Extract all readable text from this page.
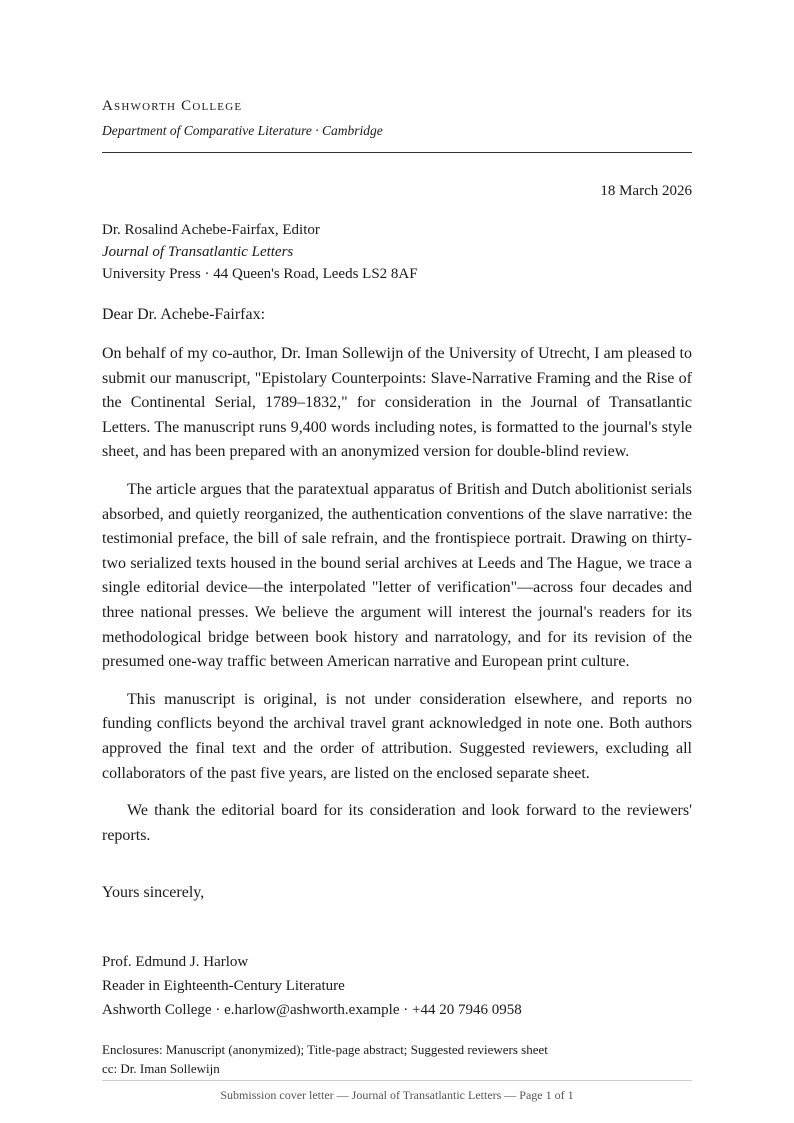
Ashworth College
Department of Comparative Literature · Cambridge
18 March 2026
Dr. Rosalind Achebe-Fairfax, Editor
Journal of Transatlantic Letters
University Press · 44 Queen's Road, Leeds LS2 8AF
Dear Dr. Achebe-Fairfax:

On behalf of my co-author, Dr. Iman Sollewijn of the University of Utrecht, I am pleased to submit our manuscript, "Epistolary Counterpoints: Slave-Narrative Framing and the Rise of the Continental Serial, 1789–1832," for consideration in the Journal of Transatlantic Letters. The manuscript runs 9,400 words including notes, is formatted to the journal's style sheet, and has been prepared with an anonymized version for double-blind review.

The article argues that the paratextual apparatus of British and Dutch abolitionist serials absorbed, and quietly reorganized, the authentication conventions of the slave narrative: the testimonial preface, the bill of sale refrain, and the frontispiece portrait. Drawing on thirty-two serialized texts housed in the bound serial archives at Leeds and The Hague, we trace a single editorial device—the interpolated "letter of verification"—across four decades and three national presses. We believe the argument will interest the journal's readers for its methodological bridge between book history and narratology, and for its revision of the presumed one-way traffic between American narrative and European print culture.

This manuscript is original, is not under consideration elsewhere, and reports no funding conflicts beyond the archival travel grant acknowledged in note one. Both authors approved the final text and the order of attribution. Suggested reviewers, excluding all collaborators of the past five years, are listed on the enclosed separate sheet.

We thank the editorial board for its consideration and look forward to the reviewers' reports.

Yours sincerely,
Prof. Edmund J. Harlow
Reader in Eighteenth-Century Literature
Ashworth College · e.harlow@ashworth.example · +44 20 7946 0958
Enclosures: Manuscript (anonymized); Title-page abstract; Suggested reviewers sheet
cc: Dr. Iman Sollewijn
Submission cover letter — Journal of Transatlantic Letters — Page 1 of 1
